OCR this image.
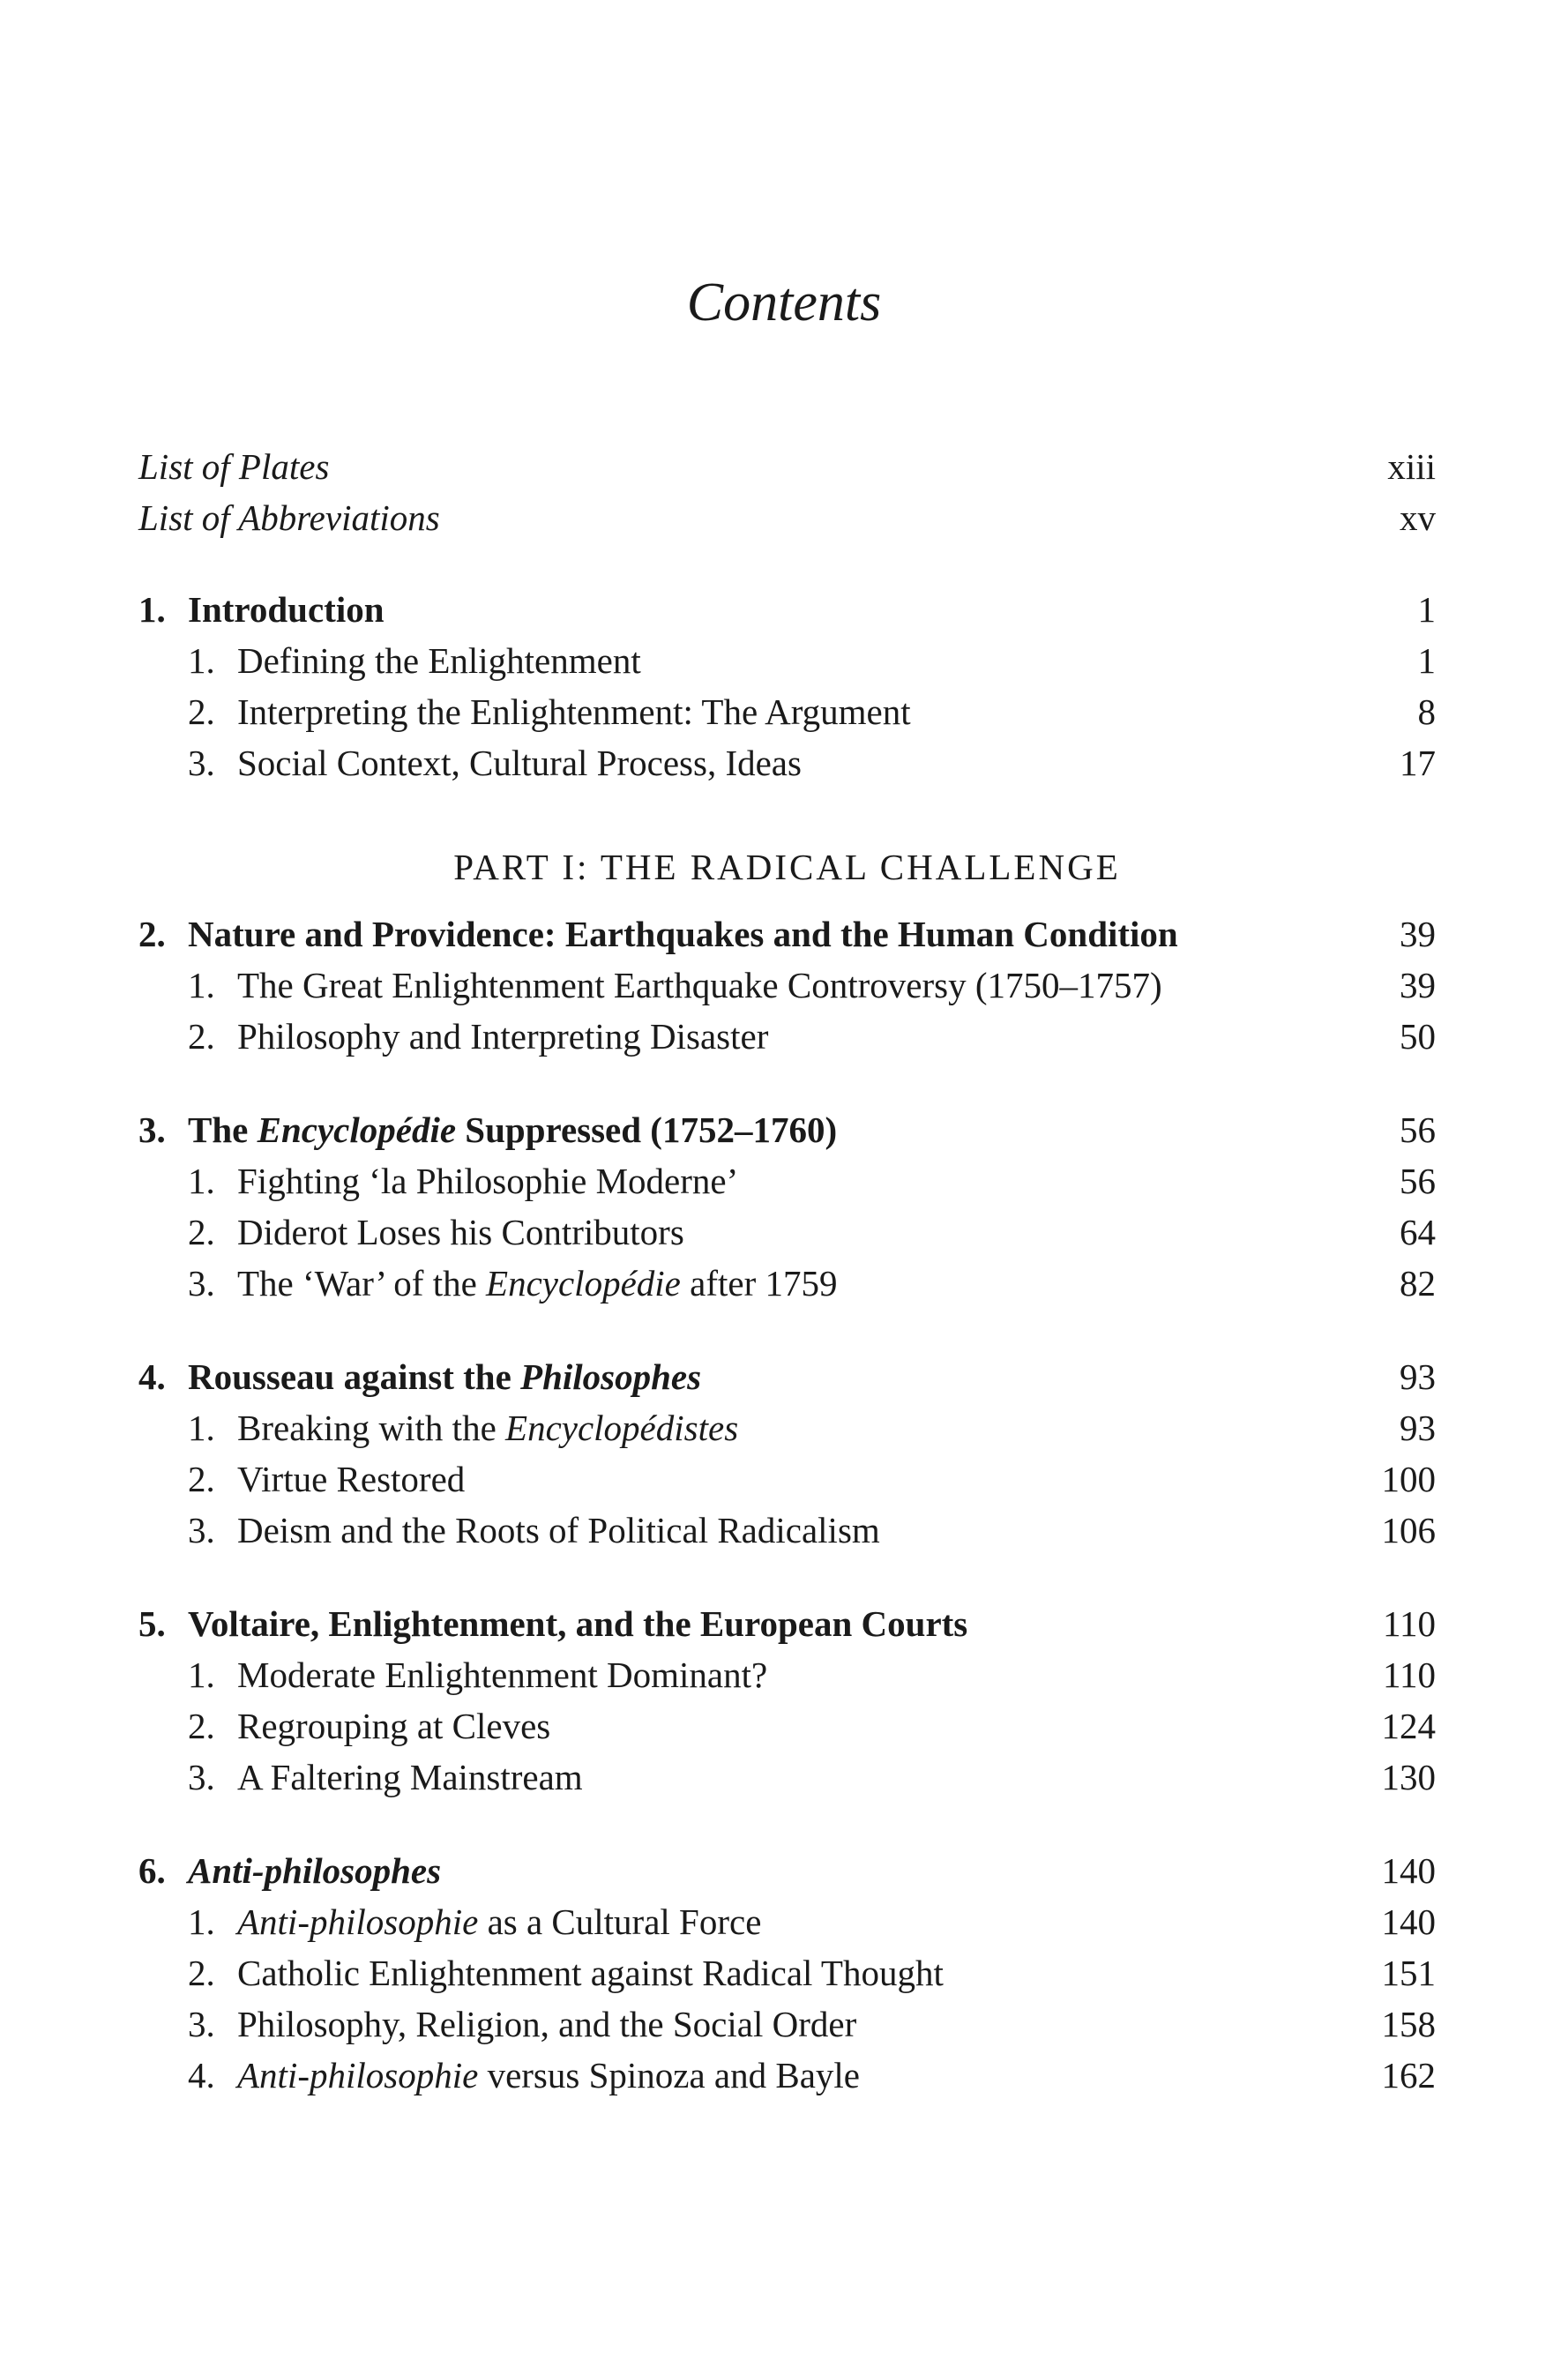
Contents
List of Plates	xiii
List of Abbreviations	xv
1. Introduction	1
1. Defining the Enlightenment	1
2. Interpreting the Enlightenment: The Argument	8
3. Social Context, Cultural Process, Ideas	17
PART I: THE RADICAL CHALLENGE
2. Nature and Providence: Earthquakes and the Human Condition	39
1. The Great Enlightenment Earthquake Controversy (1750–1757)	39
2. Philosophy and Interpreting Disaster	50
3. The Encyclopédie Suppressed (1752–1760)	56
1. Fighting ‘la Philosophie Moderne’	56
2. Diderot Loses his Contributors	64
3. The ‘War’ of the Encyclopédie after 1759	82
4. Rousseau against the Philosophes	93
1. Breaking with the Encyclopédistes	93
2. Virtue Restored	100
3. Deism and the Roots of Political Radicalism	106
5. Voltaire, Enlightenment, and the European Courts	110
1. Moderate Enlightenment Dominant?	110
2. Regrouping at Cleves	124
3. A Faltering Mainstream	130
6. Anti-philosophes	140
1. Anti-philosophie as a Cultural Force	140
2. Catholic Enlightenment against Radical Thought	151
3. Philosophy, Religion, and the Social Order	158
4. Anti-philosophie versus Spinoza and Bayle	162
